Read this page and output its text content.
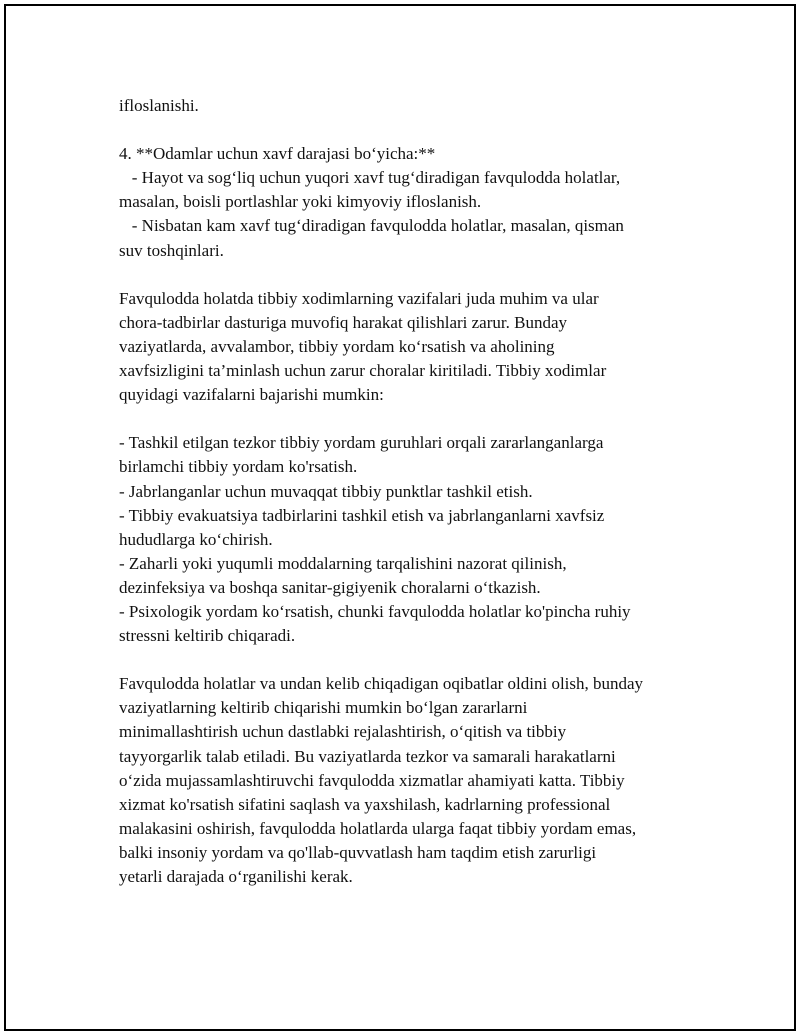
ifloslanishi.
4. **Odamlar uchun xavf darajasi bo‘yicha:**
- Hayot va sog‘liq uchun yuqori xavf tug‘diradigan favqulodda holatlar,
masalan, boisli portlashlar yoki kimyoviy ifloslanish.
- Nisbatan kam xavf tug‘diradigan favqulodda holatlar, masalan, qisman
suv toshqinlari.
Favqulodda holatda tibbiy xodimlarning vazifalari juda muhim va ular
chora-tadbirlar dasturiga muvofiq harakat qilishlari zarur. Bunday
vaziyatlarda, avvalambor, tibbiy yordam ko‘rsatish va aholining
xavfsizligini ta’minlash uchun zarur choralar kiritiladi. Tibbiy xodimlar
quyidagi vazifalarni bajarishi mumkin:
- Tashkil etilgan tezkor tibbiy yordam guruhlari orqali zararlanganlarga
birlamchi tibbiy yordam ko'rsatish.
- Jabrlanganlar uchun muvaqqat tibbiy punktlar tashkil etish.
- Tibbiy evakuatsiya tadbirlarini tashkil etish va jabrlanganlarni xavfsiz
hududlarga ko‘chirish.
- Zaharli yoki yuqumli moddalarning tarqalishini nazorat qilinish,
dezinfeksiya va boshqa sanitar-gigiyenik choralarni o‘tkazish.
- Psixologik yordam ko‘rsatish, chunki favqulodda holatlar ko'pincha ruhiy
stressni keltirib chiqaradi.
Favqulodda holatlar va undan kelib chiqadigan oqibatlar oldini olish, bunday
vaziyatlarning keltirib chiqarishi mumkin bo‘lgan zararlarni
minimallashtirish uchun dastlabki rejalashtirish, o‘qitish va tibbiy
tayyorgarlik talab etiladi. Bu vaziyatlarda tezkor va samarali harakatlarni
o‘zida mujassamlashtiruvchi favqulodda xizmatlar ahamiyati katta. Tibbiy
xizmat ko'rsatish sifatini saqlash va yaxshilash, kadrlarning professional
malakasini oshirish, favqulodda holatlarda ularga faqat tibbiy yordam emas,
balki insoniy yordam va qo'llab-quvvatlash ham taqdim etish zarurligi
yetarli darajada o‘rganilishi kerak.
